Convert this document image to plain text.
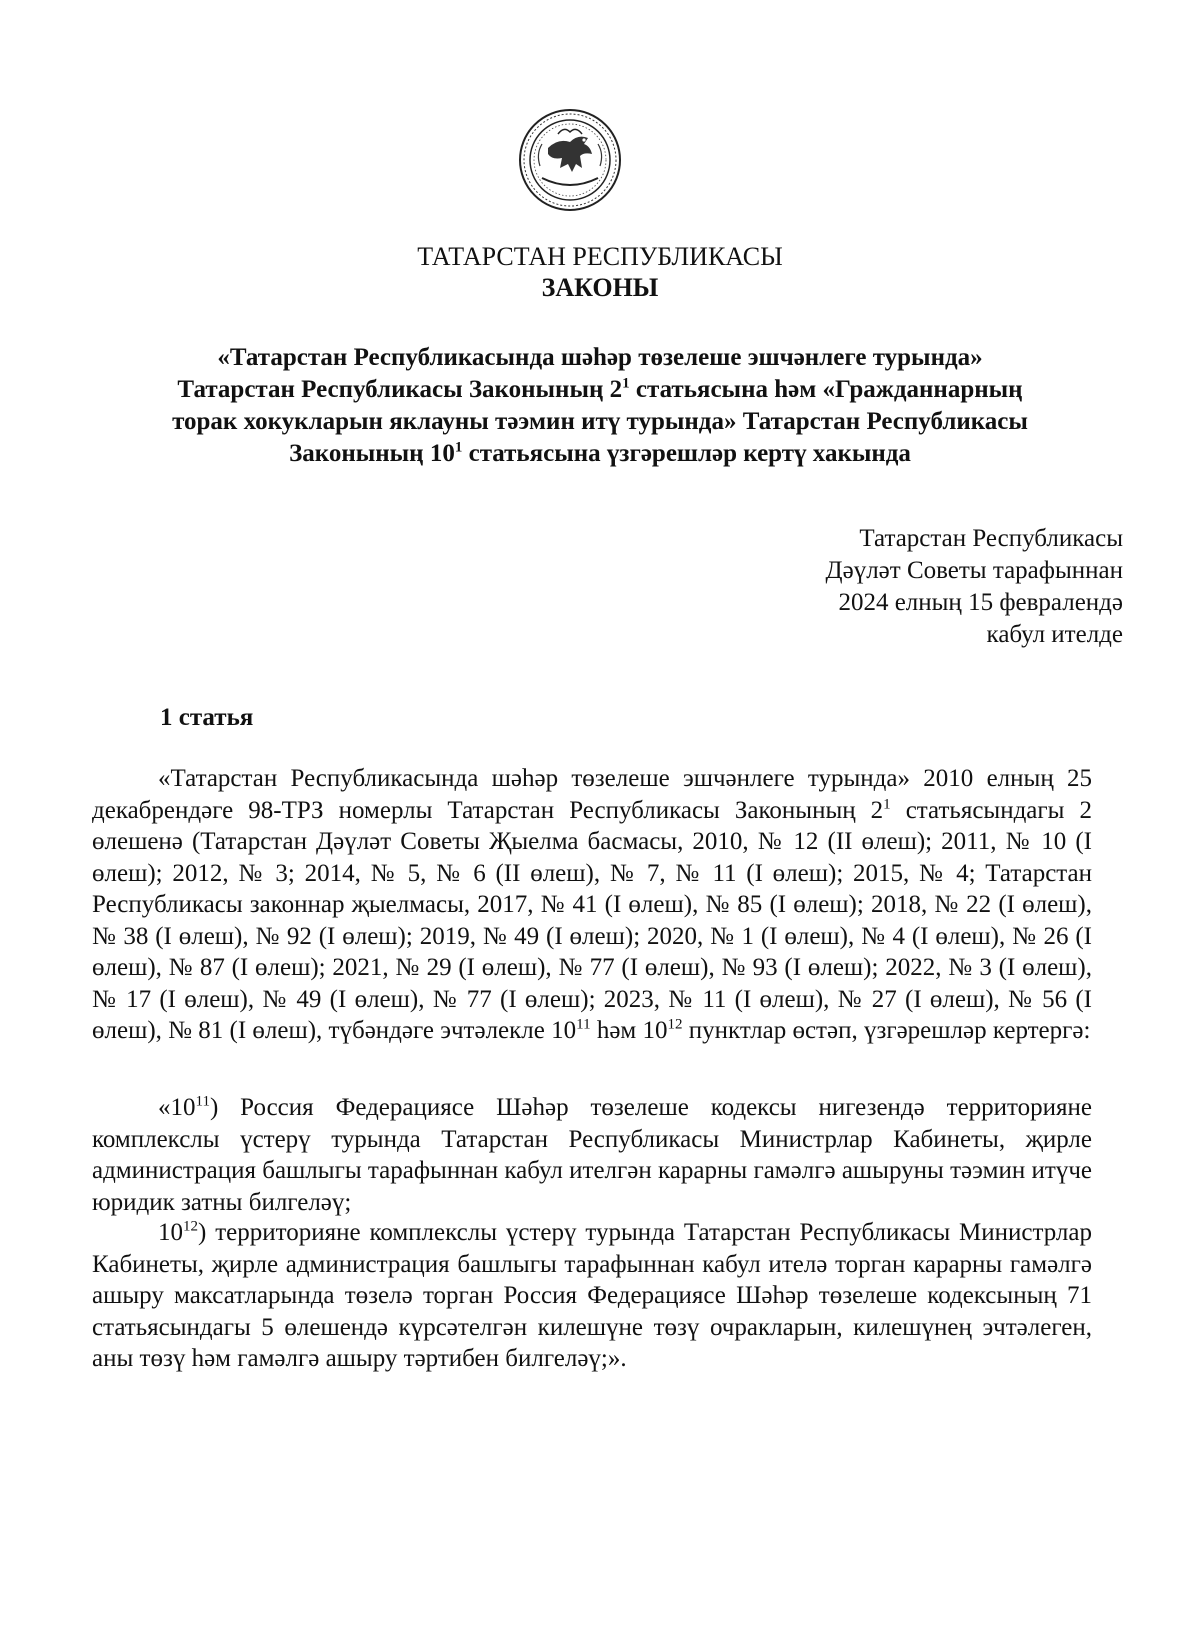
ТАТАРСТАН РЕСПУБЛИКАСЫ
ЗАКОНЫ
«Татарстан Республикасында шәһәр төзелеше эшчәнлеге турында»
Татарстан Республикасы Законының $2^1$ статьясына һәм «Гражданнарның
торак хокукларын яклауны тәэмин итү турында» Татарстан Республикасы
Законының $10^1$ статьясына үзгәрешләр кертү хакында
Татарстан Республикасы
Дәүләт Советы тарафыннан
2024 елның 15 февралендә
кабул ителде
1 статья
«Татарстан Республикасында шәһәр төзелеше эшчәнлеге турында» 2010 елның 25 декабрендәге 98-ТРЗ номерлы Татарстан Республикасы Законының $2^1$ статьясындагы 2 өлешенә (Татарстан Дәүләт Советы Җыелма басмасы, 2010, № 12 (II өлеш); 2011, № 10 (I өлеш); 2012, № 3; 2014, № 5, № 6 (II өлеш), № 7, № 11 (I өлеш); 2015, № 4; Татарстан Республикасы законнар җыелмасы, 2017, № 41 (I өлеш), № 85 (I өлеш); 2018, № 22 (I өлеш), № 38 (I өлеш), № 92 (I өлеш); 2019, № 49 (I өлеш); 2020, № 1 (I өлеш), № 4 (I өлеш), № 26 (I өлеш), № 87 (I өлеш); 2021, № 29 (I өлеш), № 77 (I өлеш), № 93 (I өлеш); 2022, № 3 (I өлеш), № 17 (I өлеш), № 49 (I өлеш), № 77 (I өлеш); 2023, № 11 (I өлеш), № 27 (I өлеш), № 56 (I өлеш), № 81 (I өлеш), түбәндәге эчтәлекле $10^{11}$ һәм $10^{12}$ пунктлар өстәп, үзгәрешләр кертергә:
«$10^{11}$) Россия Федерациясе Шәһәр төзелеше кодексы нигезендә территорияне комплекслы үстерү турында Татарстан Республикасы Министрлар Кабинеты, җирле администрация башлыгы тарафыннан кабул ителгән карарны гамәлгә ашыруны тәэмин итүче юридик затны билгеләү;
$10^{12}$) территорияне комплекслы үстерү турында Татарстан Республикасы Министрлар Кабинеты, җирле администрация башлыгы тарафыннан кабул ителә торган карарны гамәлгә ашыру максатларында төзелә торган Россия Федерациясе Шәһәр төзелеше кодексының 71 статьясындагы 5 өлешендә күрсәтелгән килешүне төзү очракларын, килешүнең эчтәлеген, аны төзү һәм гамәлгә ашыру тәртибен билгеләү;».
